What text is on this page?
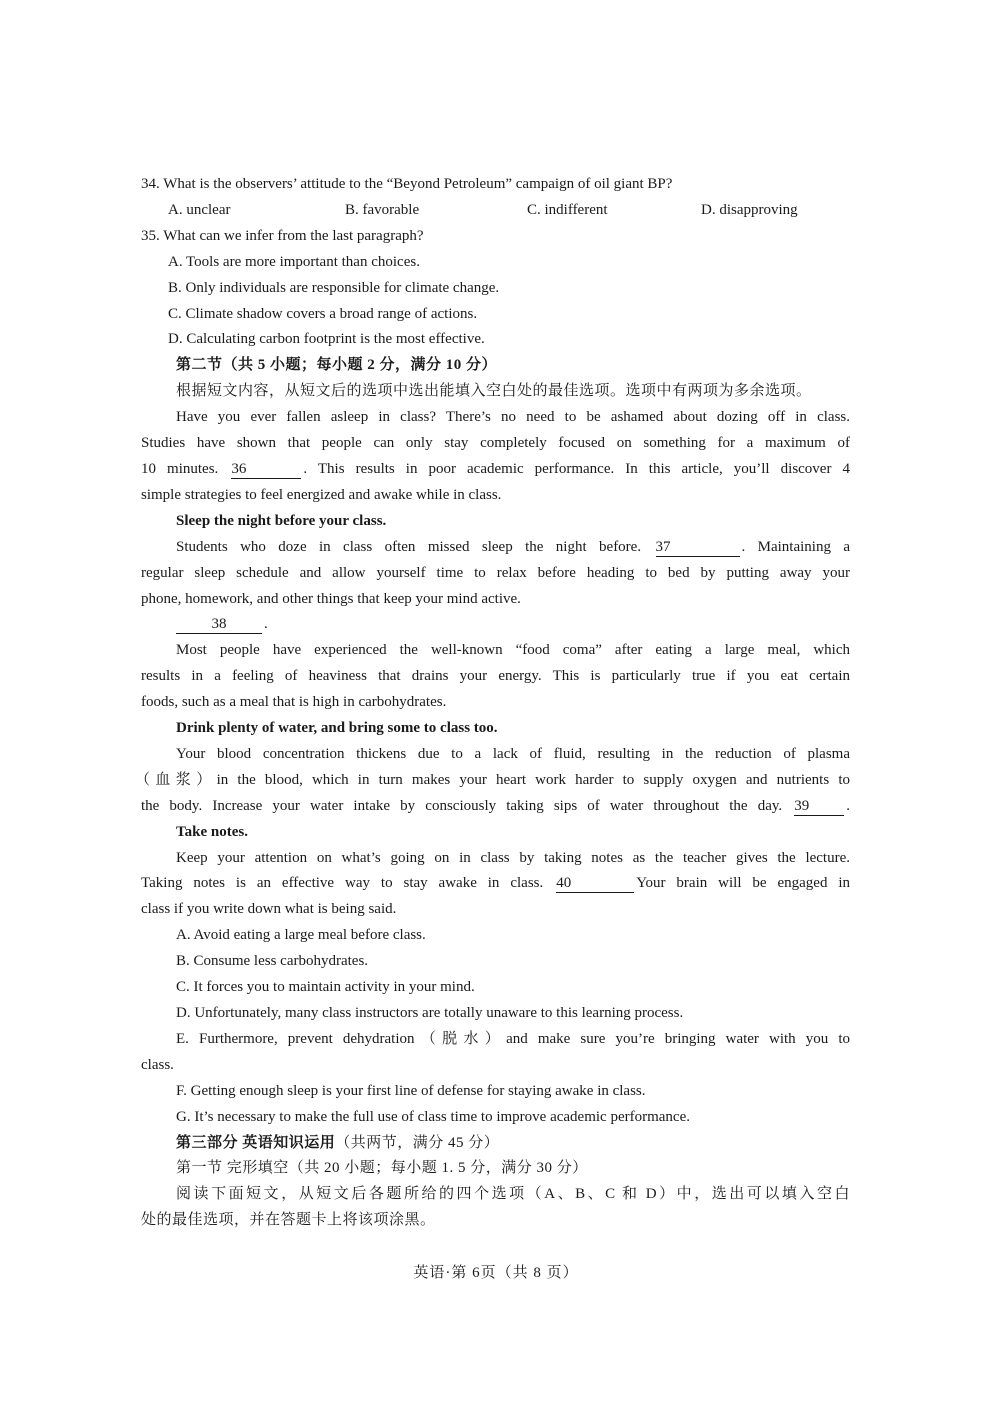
34. What is the observers’ attitude to the “Beyond Petroleum” campaign of oil giant BP?
A. unclear	B. favorable	C. indifferent	D. disapproving
35. What can we infer from the last paragraph?
A. Tools are more important than choices.
B. Only individuals are responsible for climate change.
C. Climate shadow covers a broad range of actions.
D. Calculating carbon footprint is the most effective.
第二节（共 5 小题；每小题 2 分，满分 10 分）
根据短文内容，从短文后的选项中选出能填入空白处的最佳选项。选项中有两项为多余选项。
Have you ever fallen asleep in class? There’s no need to be ashamed about dozing off in class.
Studies have shown that people can only stay completely focused on something for a maximum of
10 minutes. 36	. This results in poor academic performance. In this article, you’ll discover 4
simple strategies to feel energized and awake while in class.
Sleep the night before your class.
Students who doze in class often missed sleep the night before. 37	. Maintaining a
regular sleep schedule and allow yourself time to relax before heading to bed by putting away your
phone, homework, and other things that keep your mind active.
38	.
Most people have experienced the well-known “food coma” after eating a large meal, which
results in a feeling of heaviness that drains your energy. This is particularly true if you eat certain
foods, such as a meal that is high in carbohydrates.
Drink plenty of water, and bring some to class too.
Your blood concentration thickens due to a lack of fluid, resulting in the reduction of plasma
（血浆）in the blood, which in turn makes your heart work harder to supply oxygen and nutrients to
the body. Increase your water intake by consciously taking sips of water throughout the day. 39 .
Take notes.
Keep your attention on what’s going on in class by taking notes as the teacher gives the lecture.
Taking notes is an effective way to stay awake in class. 40	Your brain will be engaged in
class if you write down what is being said.
A. Avoid eating a large meal before class.
B. Consume less carbohydrates.
C. It forces you to maintain activity in your mind.
D. Unfortunately, many class instructors are totally unaware to this learning process.
E. Furthermore, prevent dehydration（脱水）and make sure you’re bringing water with you to
class.
F. Getting enough sleep is your first line of defense for staying awake in class.
G. It’s necessary to make the full use of class time to improve academic performance.
第三部分 英语知识运用（共两节，满分 45 分）
第一节 完形填空（共 20 小题；每小题 1. 5 分，满分 30 分）
阅读下面短文，从短文后各题所给的四个选项（A、B、C 和 D）中，选出可以填入空白
处的最佳选项，并在答题卡上将该项涂黑。
英语·第 6页（共 8 页）
